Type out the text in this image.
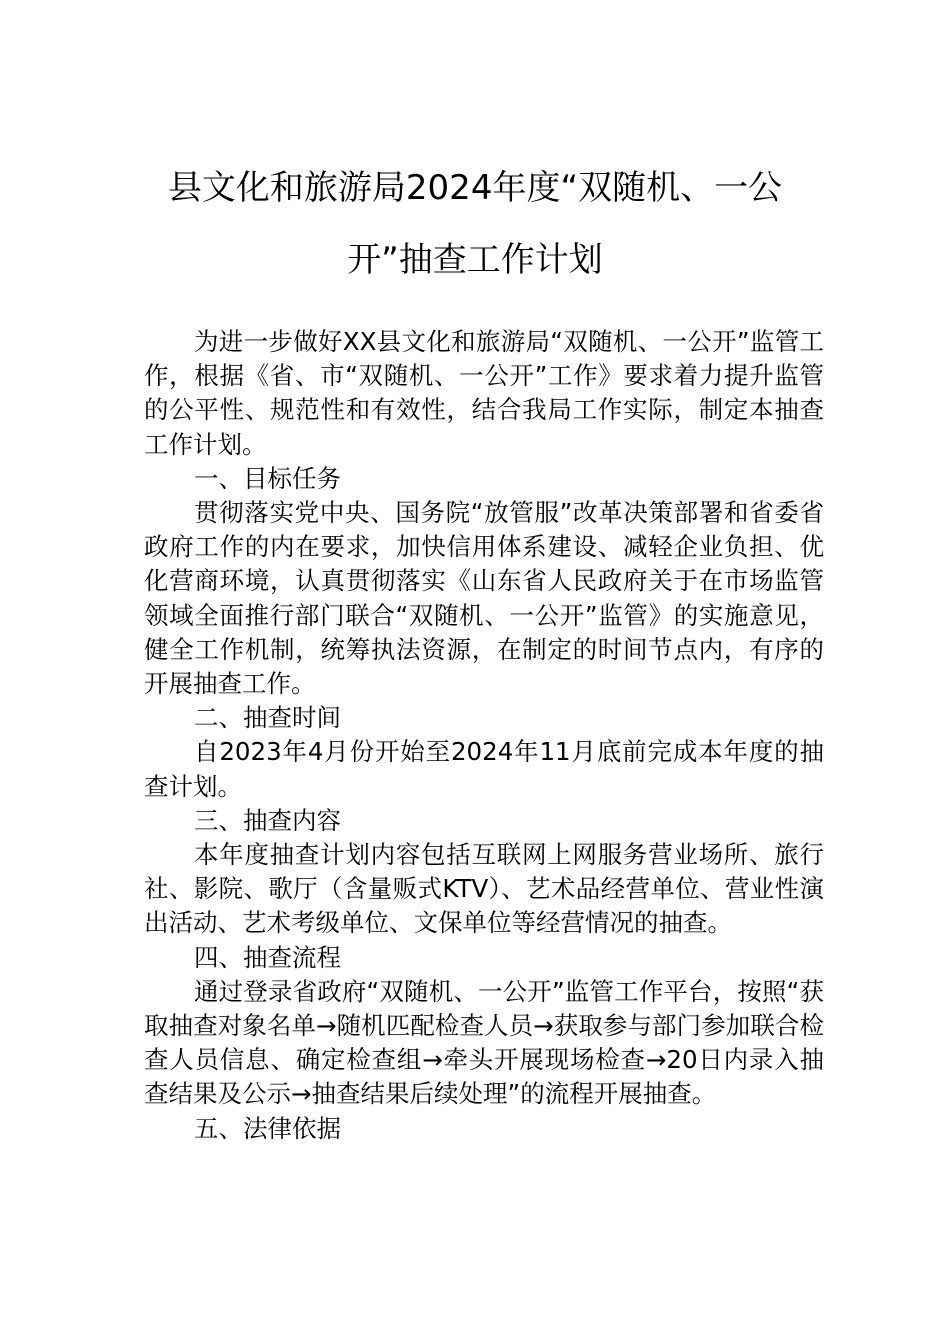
县文化和旅游局2024年度“双随机、一公
开”抽查工作计划

为进一步做好XX县文化和旅游局“双随机、一公开”监管工作，根据《省、市“双随机、一公开”工作》要求着力提升监管的公平性、规范性和有效性，结合我局工作实际，制定本抽查工作计划。

一、目标任务

贯彻落实党中央、国务院“放管服”改革决策部署和省委省政府工作的内在要求，加快信用体系建设、减轻企业负担、优化营商环境，认真贯彻落实《山东省人民政府关于在市场监管领域全面推行部门联合“双随机、一公开”监管》的实施意见，健全工作机制，统筹执法资源，在制定的时间节点内，有序的开展抽查工作。

二、抽查时间

自2023年4月份开始至2024年11月底前完成本年度的抽查计划。

三、抽查内容

本年度抽查计划内容包括互联网上网服务营业场所、旅行社、影院、歌厅（含量贩式KTV）、艺术品经营单位、营业性演出活动、艺术考级单位、文保单位等经营情况的抽查。

四、抽查流程

通过登录省政府“双随机、一公开”监管工作平台，按照“获取抽查对象名单→随机匹配检查人员→获取参与部门参加联合检查人员信息、确定检查组→牵头开展现场检查→20日内录入抽查结果及公示→抽查结果后续处理”的流程开展抽查。

五、法律依据
